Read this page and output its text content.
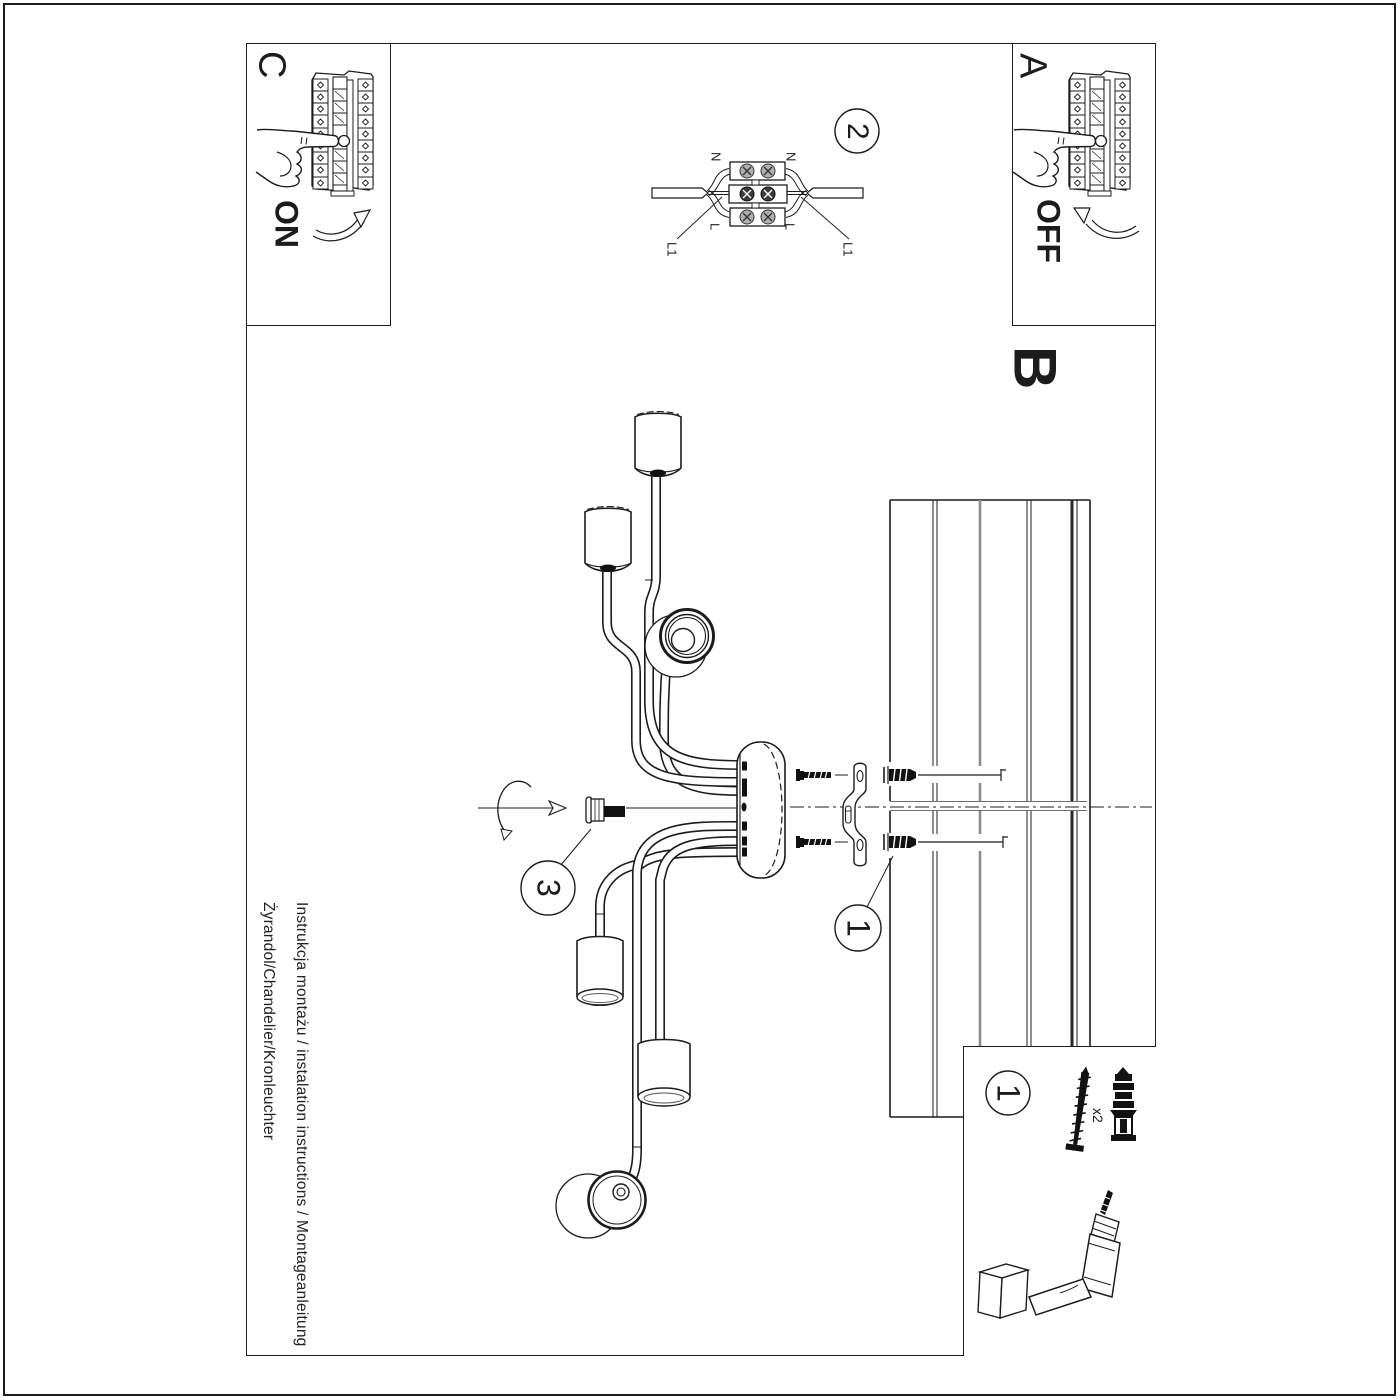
C
ON
A
OFF
B
2
3
1
1
N	N
L	L
L1	L1
x2
Instrukcja montażu / instalation instructions / Montageanleitung
Żyrandol/Chandelier/Kronleuchter
